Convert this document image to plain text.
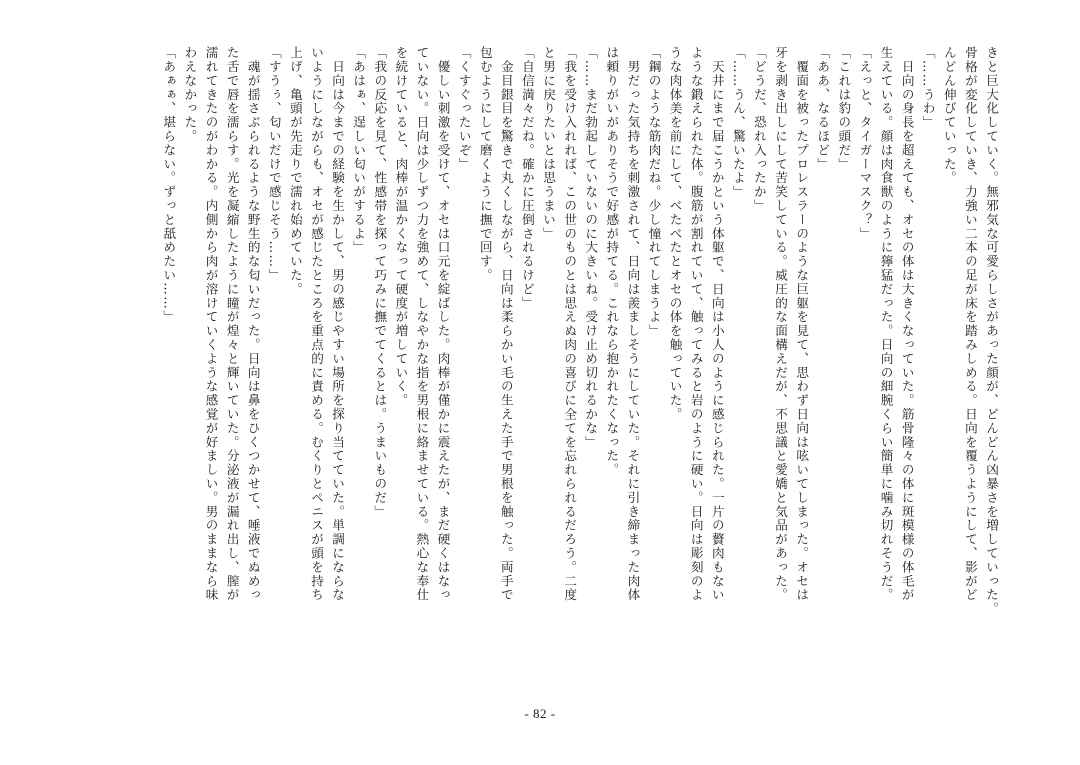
きと巨大化していく。無邪気な可愛らしさがあった顔が、どんどん凶暴さを増していった。

骨格が変化していき、力強い二本の足が床を踏みしめる。日向を覆うようにして、影がど

んどん伸びていった。

「……うわ」

　日向の身長を超えても、オセの体は大きくなっていた。筋骨隆々の体に斑模様の体毛が

生えている。顔は肉食獣のように獰猛だった。日向の細腕くらい簡単に噛み切れそうだ。

「えっと、タイガーマスク？」

「これは豹の頭だ」

「ああ、なるほど」

　覆面を被ったプロレスラーのような巨躯を見て、思わず日向は呟いてしまった。オセは

牙を剥き出しにして苦笑している。威圧的な面構えだが、不思議と愛嬌と気品があった。

「どうだ、恐れ入ったか」

「……うん、驚いたよ」

　天井にまで届こうかという体躯で、日向は小人のように感じられた。一片の贅肉もない

ような鍛えられた体。腹筋が割れていて、触ってみると岩のように硬い。日向は彫刻のよ

うな肉体美を前にして、べたべたとオセの体を触っていた。

「鋼のような筋肉だね。少し憧れてしまうよ」

　男だった気持ちを刺激されて、日向は羨ましそうにしていた。それに引き締まった肉体

は頼りがいがありそうで好感が持てる。これなら抱かれたくなった。

「……まだ勃起していないのに大きいね。受け止め切れるかな」

「我を受け入れれば、この世のものとは思えぬ肉の喜びに全てを忘れられるだろう。二度

と男に戻りたいとは思うまい」

「自信満々だね。確かに圧倒されるけど」

　金目銀目を驚きで丸くしながら、日向は柔らかい毛の生えた手で男根を触った。両手で

包むようにして磨くように撫で回す。

「くすぐったいぞ」

　優しい刺激を受けて、オセは口元を綻ばした。肉棒が僅かに震えたが、まだ硬くはなっ

ていない。日向は少しずつ力を強めて、しなやかな指を男根に絡ませている。熱心な奉仕

を続けていると、肉棒が温かくなって硬度が増していく。

「我の反応を見て、性感帯を探って巧みに撫でてくるとは。うまいものだ」

「あはぁ、逞しい匂いがするよ」

　日向は今までの経験を生かして、男の感じやすい場所を探り当てていた。単調にならな

いようにしながらも、オセが感じたところを重点的に責める。むくりとペニスが頭を持ち

上げ、亀頭が先走りで濡れ始めていた。

「すうぅ、匂いだけで感じそう……」

　魂が揺さぶられるような野生的な匂いだった。日向は鼻をひくつかせて、唾液でぬめっ

た舌で唇を濡らす。光を凝縮したように瞳が煌々と輝いていた。分泌液が漏れ出し、膣が

濡れてきたのがわかる。内側から肉が溶けていくような感覚が好ましい。男のままなら味

わえなかった。

「あぁぁ、堪らない。ずっと舐めたい……」

- 82 -
